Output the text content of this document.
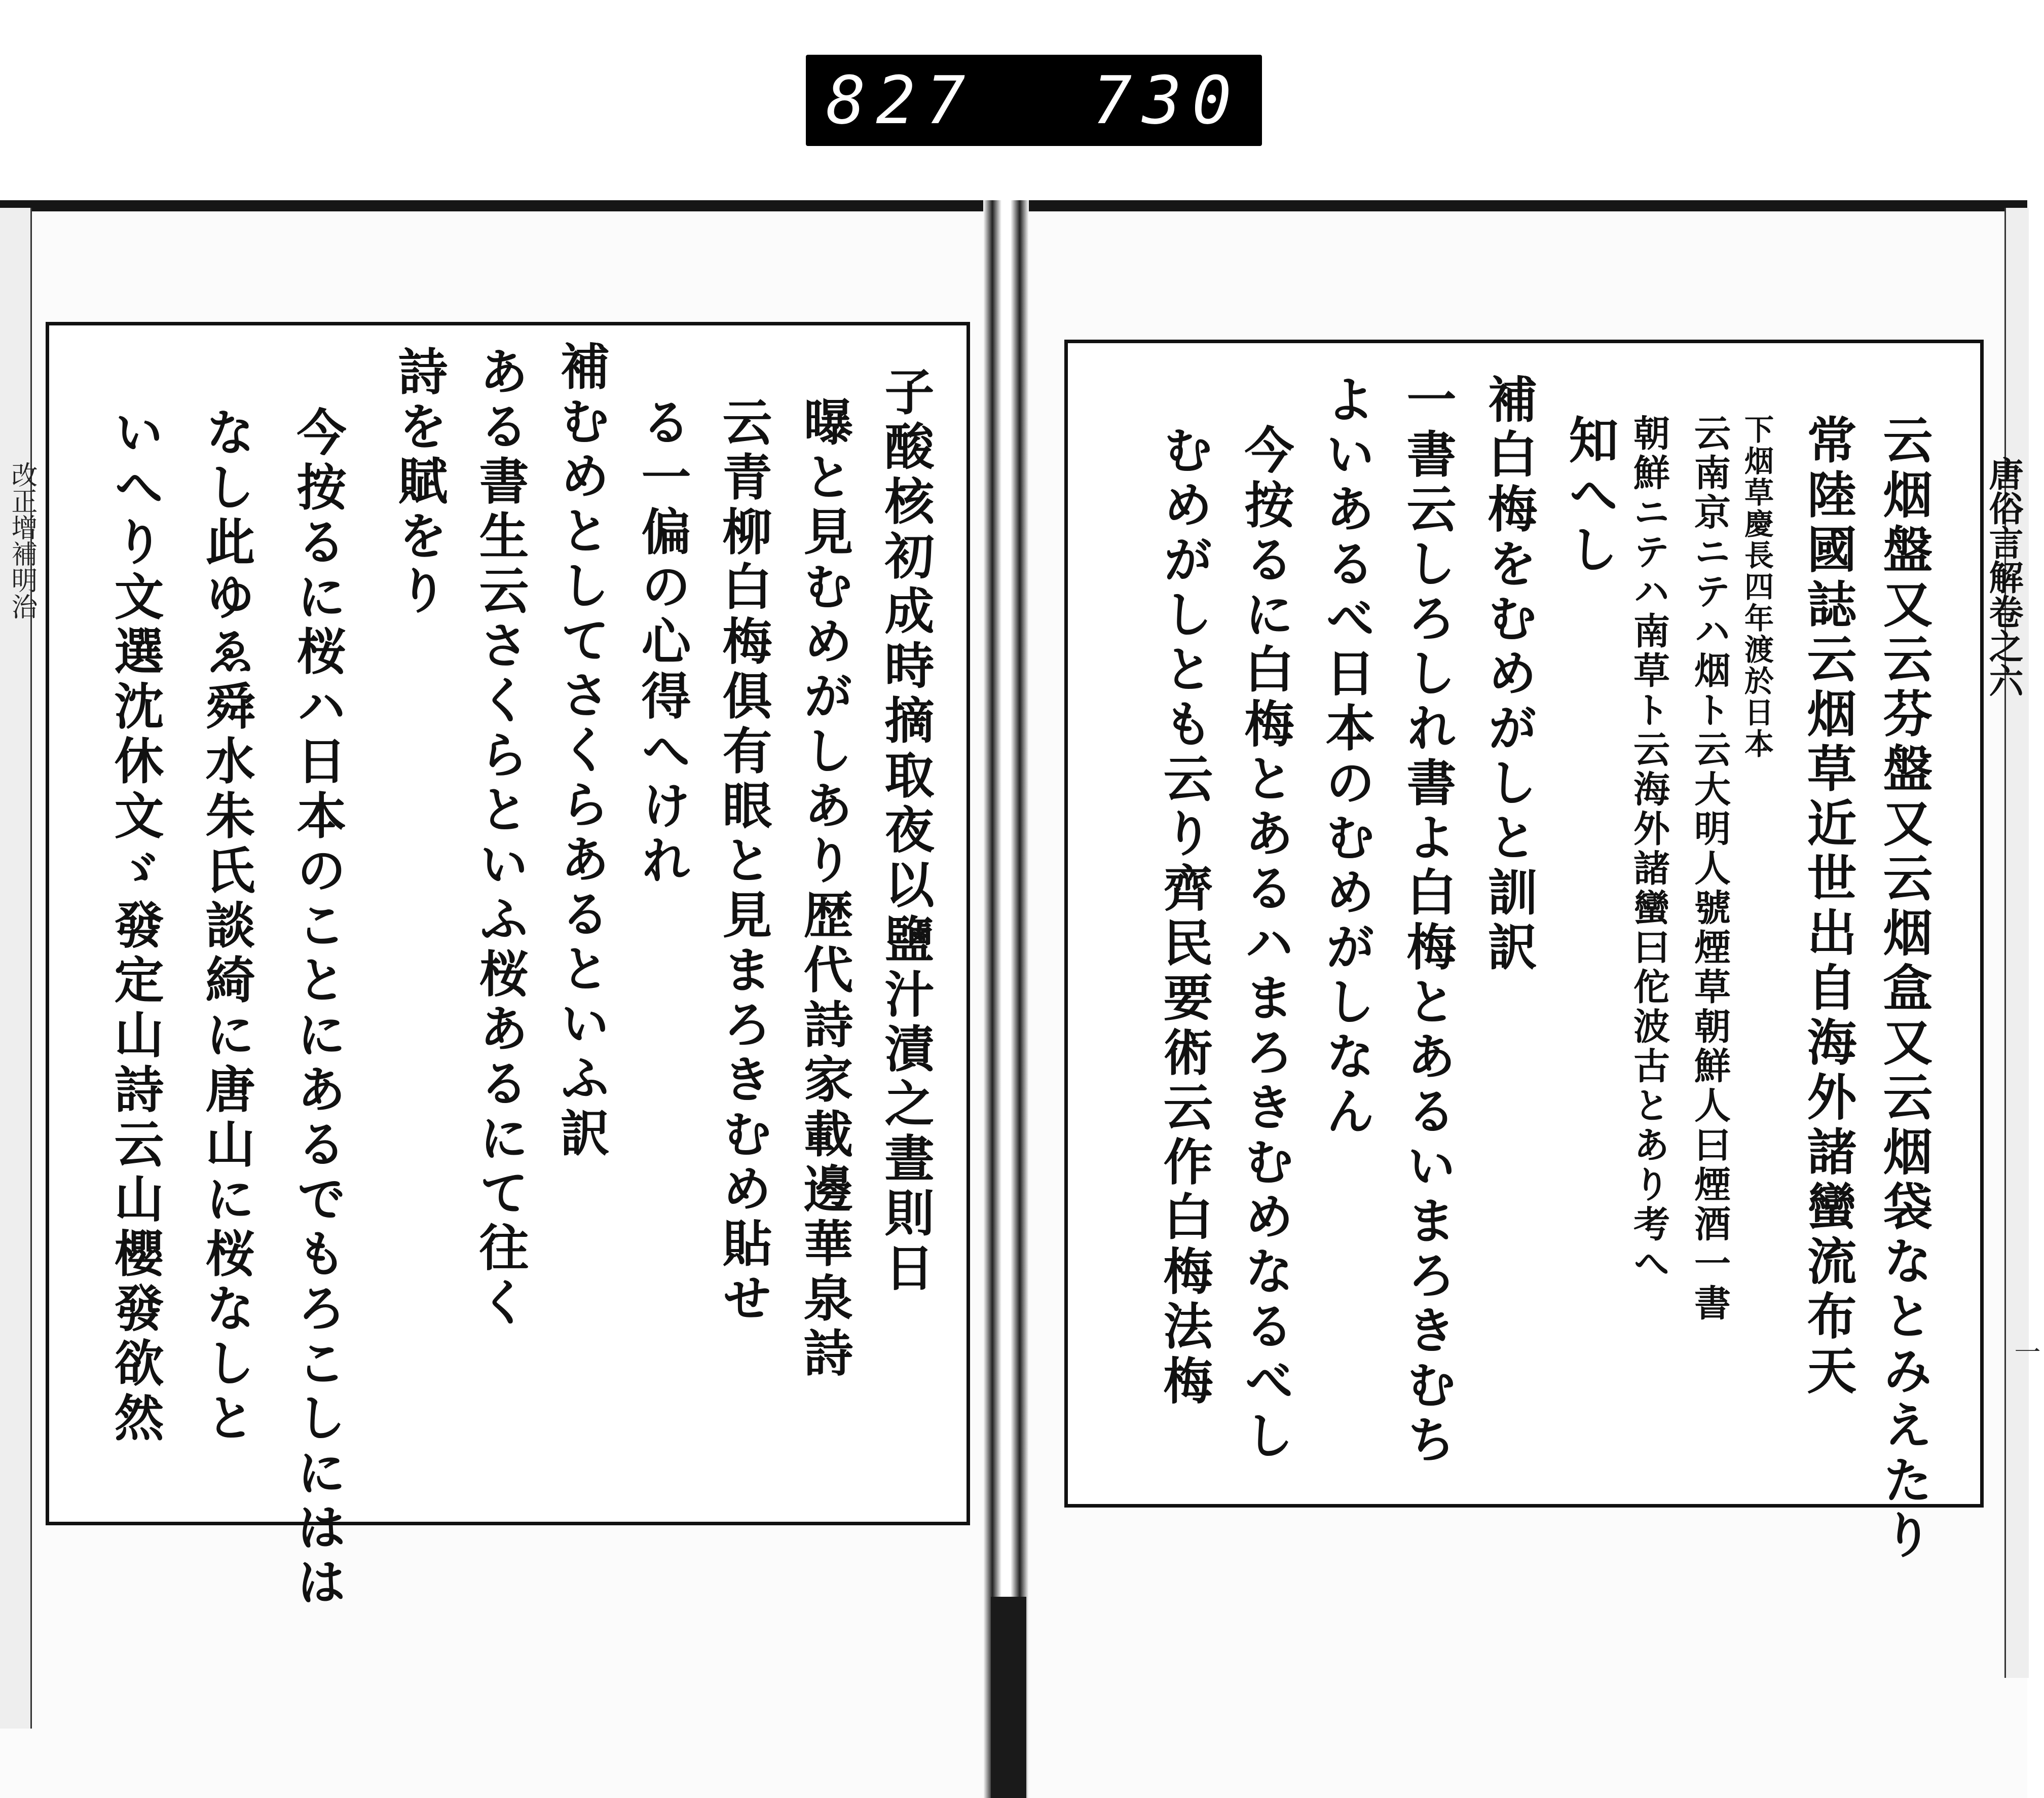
827 730
改正增補明治
一
子酸核初成時摘取夜以鹽汁漬之晝則日
曝と見むめがしあり歴代詩家載邊華泉詩
云青柳白梅俱有眼と見まろきむめ貼せ
る一偏の心得へけれ
補むめとしてさくらあるといふ訳
ある書生云さくらといふ桜あるにて往く
詩を賦をり
今按るに桜ハ日本のことにあるでもろこしにはは
なし此ゆゑ舜水朱氏談綺に唐山に桜なしと
いへり文選沈休文ゞ發定山詩云山櫻發欲然	云烟盤又云芬盤又云烟盒又云烟袋なとみえたり
常陸國誌云烟草近世出自海外諸蠻流布天
下烟草慶長四年渡於日本
云南京ニテハ烟ト云大明人號煙草朝鮮人曰煙酒一書
朝鮮ニテハ南草ト云海外諸蠻曰佗波古とあり考へ
知へし
補白梅をむめがしと訓訳
一書云しろしれ書よ白梅とあるいまろきむち
よいあるべ日本のむめがしなん
今按るに白梅とあるハまろきむめなるべし
むめがしとも云り齊民要術云作白梅法梅	唐俗言解卷之六
